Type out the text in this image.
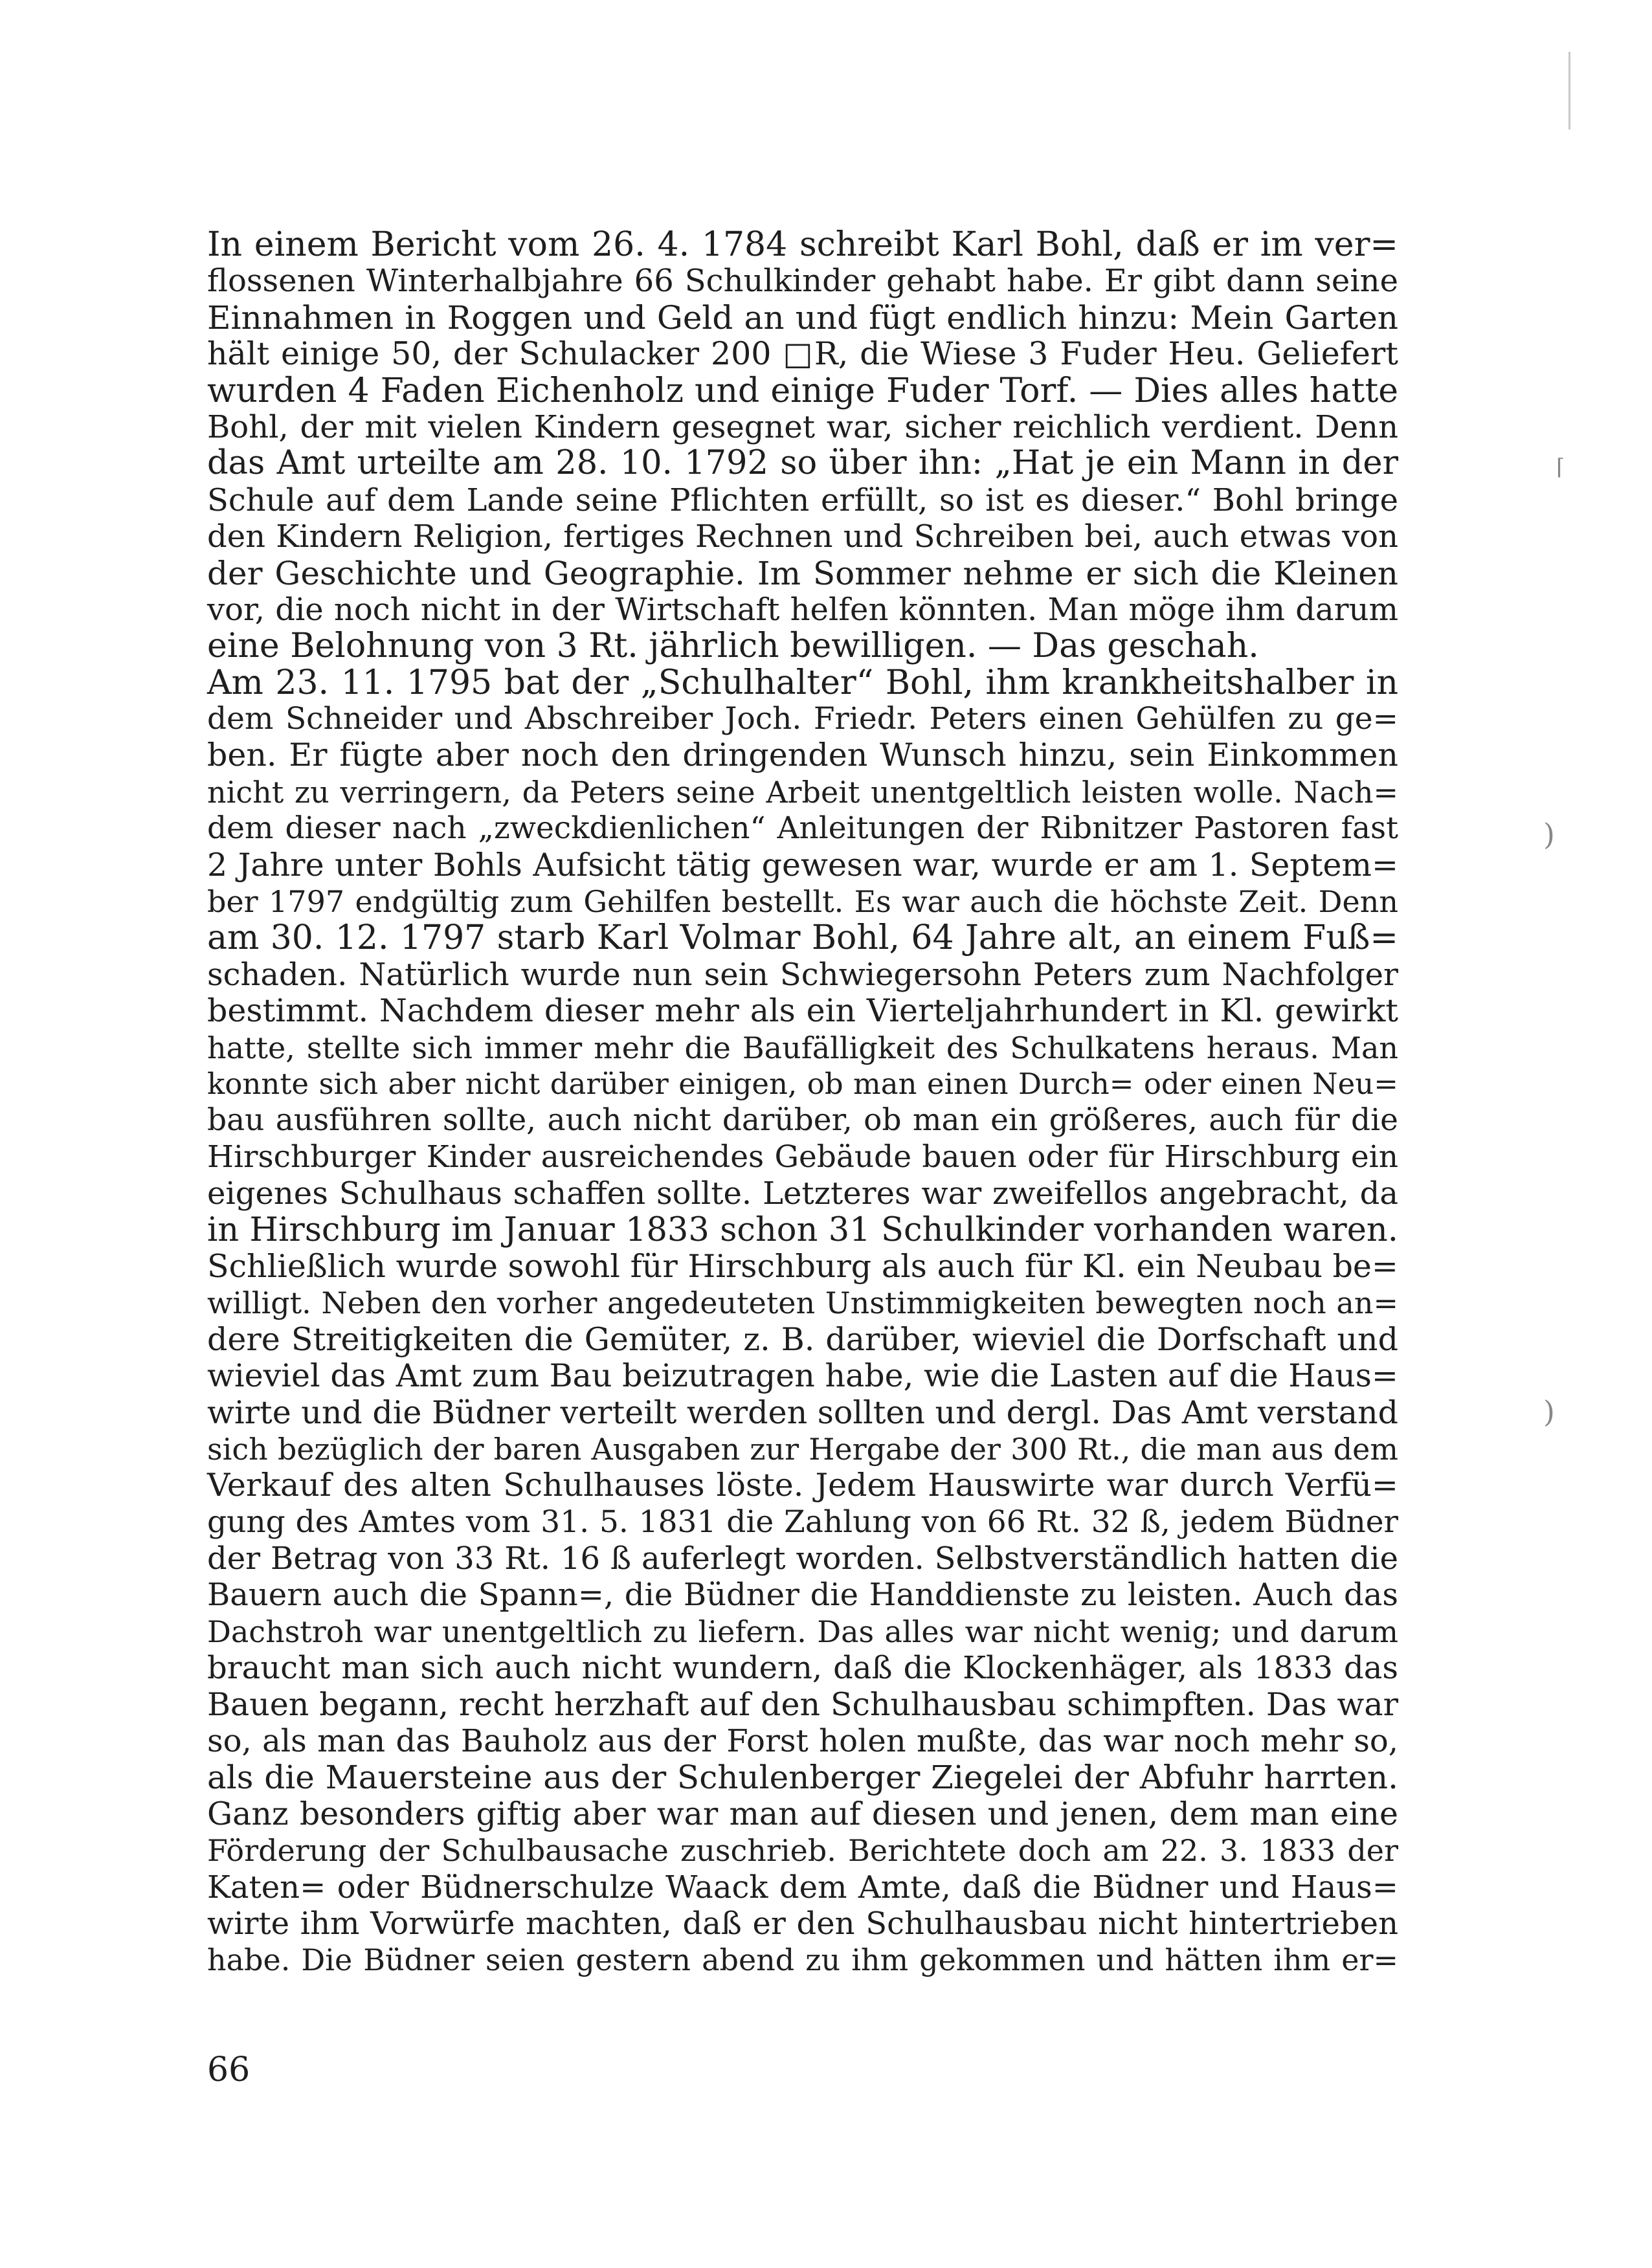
⌈
)
)
In einem Bericht vom 26. 4. 1784 schreibt Karl Bohl, daß er im ver=
flossenen Winterhalbjahre 66 Schulkinder gehabt habe. Er gibt dann seine
Einnahmen in Roggen und Geld an und fügt endlich hinzu: Mein Garten
hält einige 50, der Schulacker 200 □R, die Wiese 3 Fuder Heu. Geliefert
wurden 4 Faden Eichenholz und einige Fuder Torf. — Dies alles hatte
Bohl, der mit vielen Kindern gesegnet war, sicher reichlich verdient. Denn
das Amt urteilte am 28. 10. 1792 so über ihn: „Hat je ein Mann in der
Schule auf dem Lande seine Pflichten erfüllt, so ist es dieser.“ Bohl bringe
den Kindern Religion, fertiges Rechnen und Schreiben bei, auch etwas von
der Geschichte und Geographie. Im Sommer nehme er sich die Kleinen
vor, die noch nicht in der Wirtschaft helfen könnten. Man möge ihm darum
eine Belohnung von 3 Rt. jährlich bewilligen. — Das geschah.
Am 23. 11. 1795 bat der „Schulhalter“ Bohl, ihm krankheitshalber in
dem Schneider und Abschreiber Joch. Friedr. Peters einen Gehülfen zu ge=
ben. Er fügte aber noch den dringenden Wunsch hinzu, sein Einkommen
nicht zu verringern, da Peters seine Arbeit unentgeltlich leisten wolle. Nach=
dem dieser nach „zweckdienlichen“ Anleitungen der Ribnitzer Pastoren fast
2 Jahre unter Bohls Aufsicht tätig gewesen war, wurde er am 1. Septem=
ber 1797 endgültig zum Gehilfen bestellt. Es war auch die höchste Zeit. Denn
am 30. 12. 1797 starb Karl Volmar Bohl, 64 Jahre alt, an einem Fuß=
schaden. Natürlich wurde nun sein Schwiegersohn Peters zum Nachfolger
bestimmt. Nachdem dieser mehr als ein Vierteljahrhundert in Kl. gewirkt
hatte, stellte sich immer mehr die Baufälligkeit des Schulkatens heraus. Man
konnte sich aber nicht darüber einigen, ob man einen Durch= oder einen Neu=
bau ausführen sollte, auch nicht darüber, ob man ein größeres, auch für die
Hirschburger Kinder ausreichendes Gebäude bauen oder für Hirschburg ein
eigenes Schulhaus schaffen sollte. Letzteres war zweifellos angebracht, da
in Hirschburg im Januar 1833 schon 31 Schulkinder vorhanden waren.
Schließlich wurde sowohl für Hirschburg als auch für Kl. ein Neubau be=
willigt. Neben den vorher angedeuteten Unstimmigkeiten bewegten noch an=
dere Streitigkeiten die Gemüter, z. B. darüber, wieviel die Dorfschaft und
wieviel das Amt zum Bau beizutragen habe, wie die Lasten auf die Haus=
wirte und die Büdner verteilt werden sollten und dergl. Das Amt verstand
sich bezüglich der baren Ausgaben zur Hergabe der 300 Rt., die man aus dem
Verkauf des alten Schulhauses löste. Jedem Hauswirte war durch Verfü=
gung des Amtes vom 31. 5. 1831 die Zahlung von 66 Rt. 32 ß, jedem Büdner
der Betrag von 33 Rt. 16 ß auferlegt worden. Selbstverständlich hatten die
Bauern auch die Spann=, die Büdner die Handdienste zu leisten. Auch das
Dachstroh war unentgeltlich zu liefern. Das alles war nicht wenig; und darum
braucht man sich auch nicht wundern, daß die Klockenhäger, als 1833 das
Bauen begann, recht herzhaft auf den Schulhausbau schimpften. Das war
so, als man das Bauholz aus der Forst holen mußte, das war noch mehr so,
als die Mauersteine aus der Schulenberger Ziegelei der Abfuhr harrten.
Ganz besonders giftig aber war man auf diesen und jenen, dem man eine
Förderung der Schulbausache zuschrieb. Berichtete doch am 22. 3. 1833 der
Katen= oder Büdnerschulze Waack dem Amte, daß die Büdner und Haus=
wirte ihm Vorwürfe machten, daß er den Schulhausbau nicht hintertrieben
habe. Die Büdner seien gestern abend zu ihm gekommen und hätten ihm er=
66
